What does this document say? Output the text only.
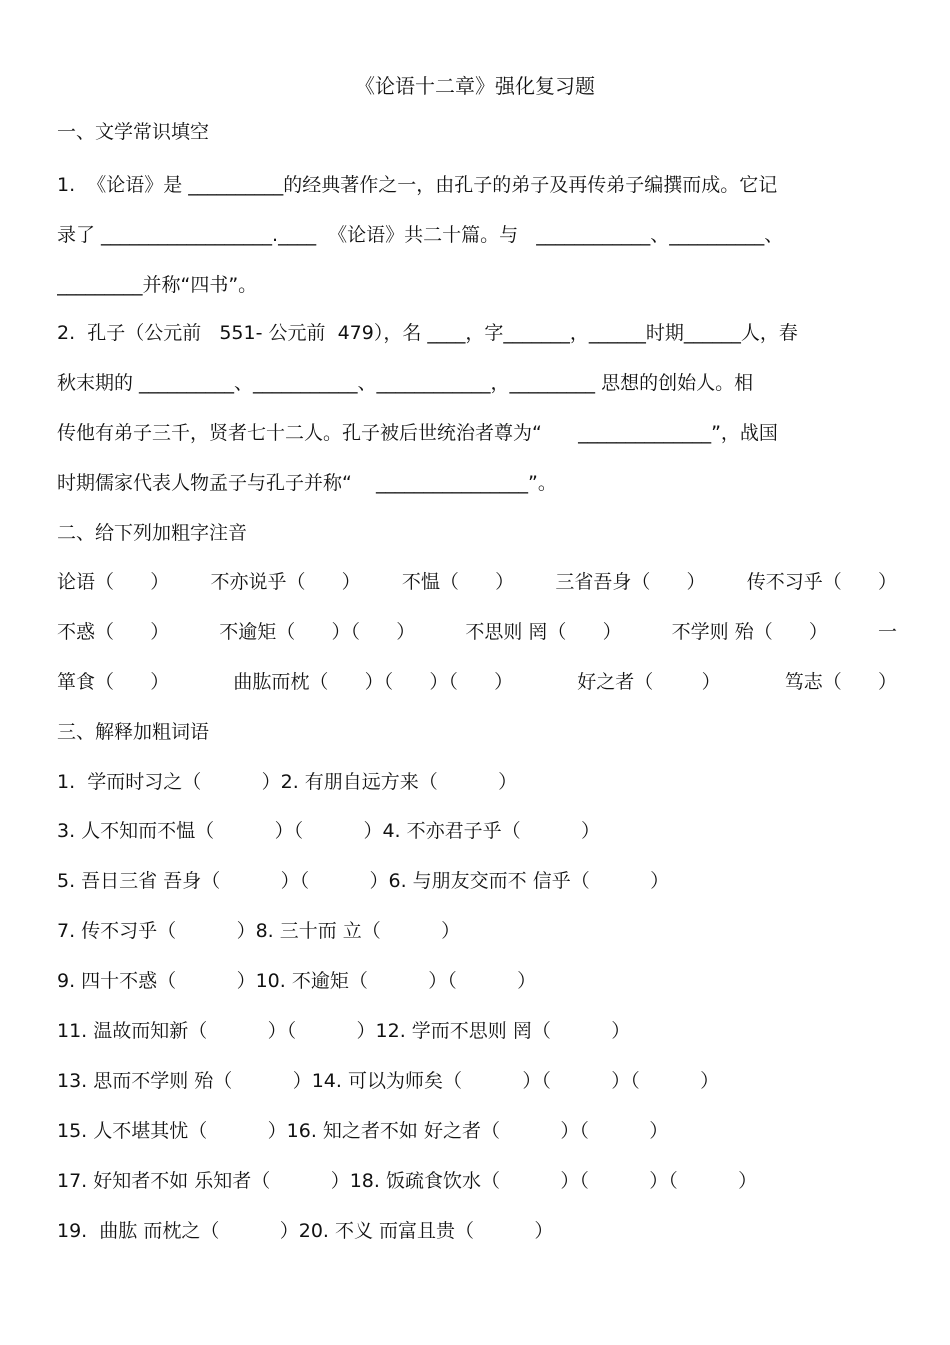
《论语十二章》强化复习题
一、文学常识填空
1.  《论语》是 __________的经典著作之一，由孔子的弟子及再传弟子编撰而成。它记
录了 __________________.____  《论语》共二十篇。与   ____________、__________、
_________并称“四书”。
2.  孔子（公元前   551- 公元前  479），名 ____，字_______，______时期______人，春
秋末期的 __________、___________、____________，_________ 思想的创始人。相
传他有弟子三千，贤者七十二人。孔子被后世统治者尊为“      ______________”，战国
时期儒家代表人物孟子与孔子并称“    ________________”。
二、给下列加粗字注音
论语（      ） 不亦说乎（      ） 不愠（      ） 三省吾身（      ） 传不习乎（      ）
不惑（      ）	不逾矩（      ）（      ）	不思则 罔（      ）	不学则 殆（      ）	一
箪食（      ）	曲肱而枕（      ）（      ）（      ）	好之者（        ）	笃志（      ）
三、解释加粗词语
1.  学而时习之（          ）2. 有朋自远方来（          ）
3. 人不知而不愠（          ）（          ）4. 不亦君子乎（          ）
5. 吾日三省 吾身（          ）（          ）6. 与朋友交而不 信乎（          ）
7. 传不习乎（          ）8. 三十而 立（          ）
9. 四十不惑（          ）10. 不逾矩（          ）（          ）
11. 温故而知新（          ）（          ）12. 学而不思则 罔（          ）
13. 思而不学则 殆（          ）14. 可以为师矣（          ）（          ）（          ）
15. 人不堪其忧（          ）16. 知之者不如 好之者（          ）（          ）
17. 好知者不如 乐知者（          ）18. 饭疏食饮水（          ）（          ）（          ）
19.  曲肱 而枕之（          ）20. 不义 而富且贵（          ）
